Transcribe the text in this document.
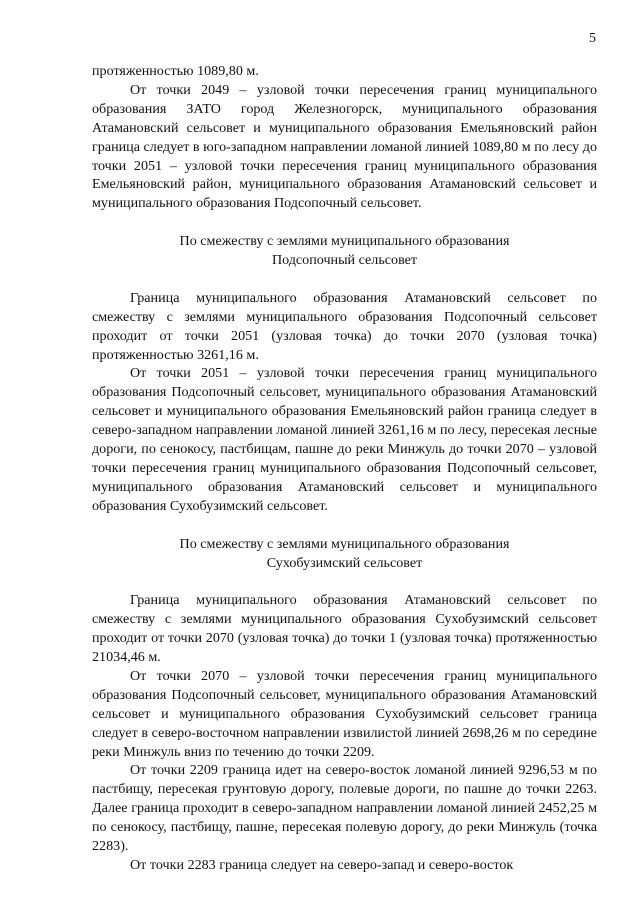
5

протяженностью 1089,80 м.

От точки 2049 – узловой точки пересечения границ муниципального образования ЗАТО город Железногорск, муниципального образования Атамановский сельсовет и муниципального образования Емельяновский район граница следует в юго-западном направлении ломаной линией 1089,80 м по лесу до точки 2051 – узловой точки пересечения границ муниципального образования Емельяновский район, муниципального образования Атамановский сельсовет и муниципального образования Подсопочный сельсовет.

По смежеству с землями муниципального образования
Подсопочный сельсовет

Граница муниципального образования Атамановский сельсовет по смежеству с землями муниципального образования Подсопочный сельсовет проходит от точки 2051 (узловая точка) до точки 2070 (узловая точка) протяженностью 3261,16 м.

От точки 2051 – узловой точки пересечения границ муниципального образования Подсопочный сельсовет, муниципального образования Атамановский сельсовет и муниципального образования Емельяновский район граница следует в северо-западном направлении ломаной линией 3261,16 м по лесу, пересекая лесные дороги, по сенокосу, пастбищам, пашне до реки Минжуль до точки 2070 – узловой точки пересечения границ муниципального образования Подсопочный сельсовет, муниципального образования Атамановский сельсовет и муниципального образования Сухобузимский сельсовет.

По смежеству с землями муниципального образования
Сухобузимский сельсовет

Граница муниципального образования Атамановский сельсовет по смежеству с землями муниципального образования Сухобузимский сельсовет проходит от точки 2070 (узловая точка) до точки 1 (узловая точка) протяженностью 21034,46 м.

От точки 2070 – узловой точки пересечения границ муниципального образования Подсопочный сельсовет, муниципального образования Атамановский сельсовет и муниципального образования Сухобузимский сельсовет граница следует в северо-восточном направлении извилистой линией 2698,26 м по середине реки Минжуль вниз по течению до точки 2209.

От точки 2209 граница идет на северо-восток ломаной линией 9296,53 м по пастбищу, пересекая грунтовую дорогу, полевые дороги, по пашне до точки 2263. Далее граница проходит в северо-западном направлении ломаной линией 2452,25 м по сенокосу, пастбищу, пашне, пересекая полевую дорогу, до реки Минжуль (точка 2283).

От точки 2283 граница следует на северо-запад и северо-восток
